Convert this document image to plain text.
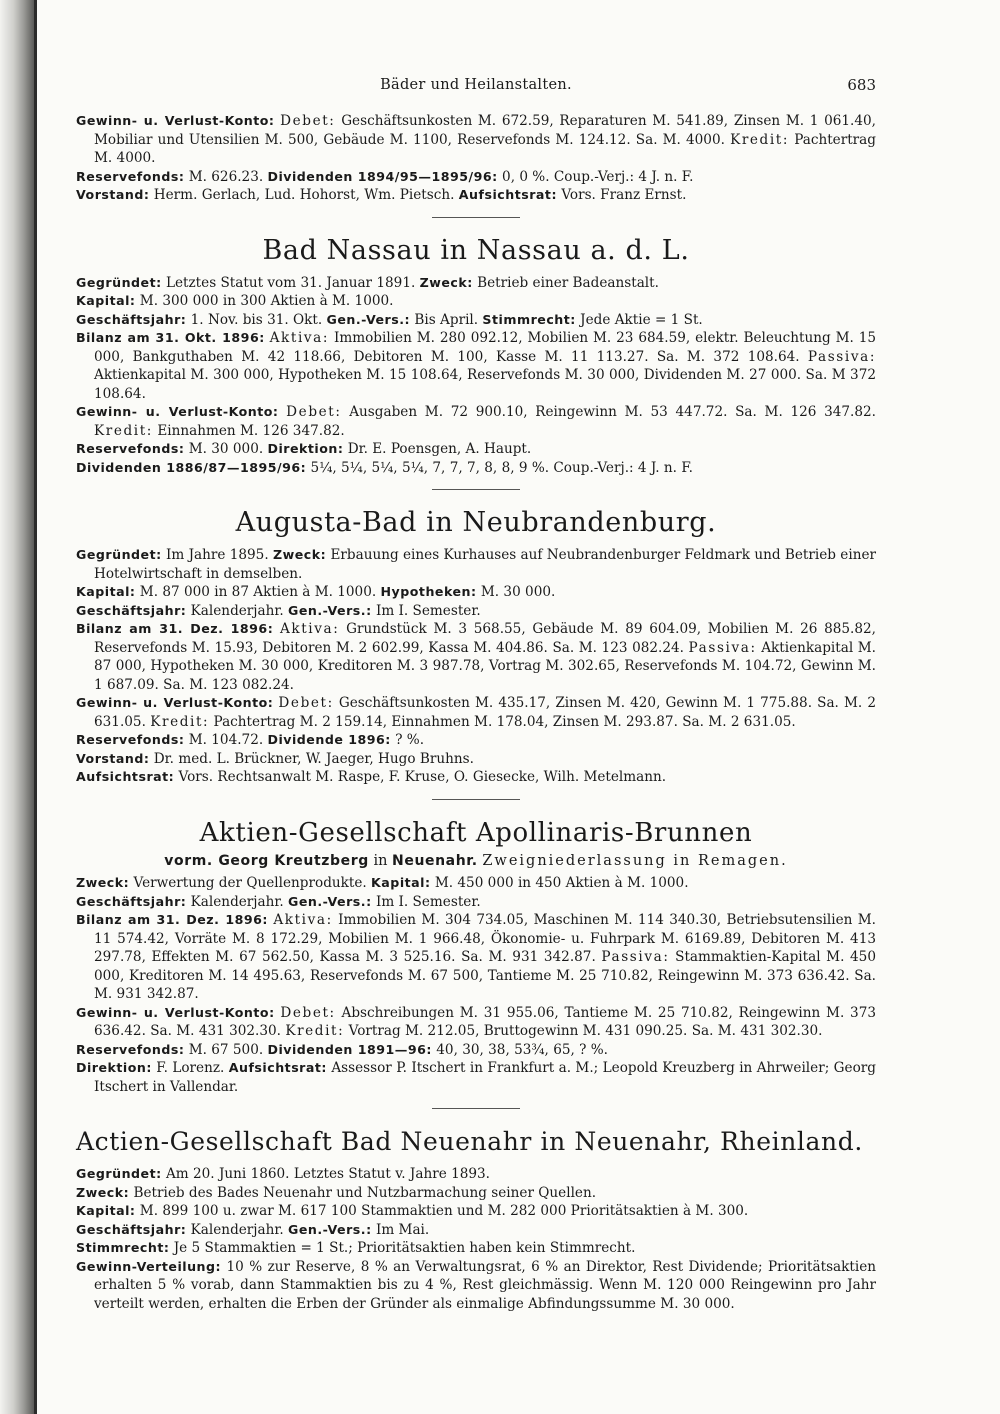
Bäder und Heilanstalten.	683

Gewinn- u. Verlust-Konto: Debet: Geschäftsunkosten M. 672.59, Reparaturen M. 541.89, Zinsen M. 1 061.40, Mobiliar und Utensilien M. 500, Gebäude M. 1100, Reservefonds M. 124.12. Sa. M. 4000. Kredit: Pachtertrag M. 4000.

Reservefonds: M. 626.23. Dividenden 1894/95—1895/96: 0, 0 %. Coup.-Verj.: 4 J. n. F.

Vorstand: Herm. Gerlach, Lud. Hohorst, Wm. Pietsch. Aufsichtsrat: Vors. Franz Ernst.

Bad Nassau in Nassau a. d. L.

Gegründet: Letztes Statut vom 31. Januar 1891. Zweck: Betrieb einer Badeanstalt.

Kapital: M. 300 000 in 300 Aktien à M. 1000.

Geschäftsjahr: 1. Nov. bis 31. Okt. Gen.-Vers.: Bis April. Stimmrecht: Jede Aktie = 1 St.

Bilanz am 31. Okt. 1896: Aktiva: Immobilien M. 280 092.12, Mobilien M. 23 684.59, elektr. Beleuchtung M. 15 000, Bankguthaben M. 42 118.66, Debitoren M. 100, Kasse M. 11 113.27. Sa. M. 372 108.64. Passiva: Aktienkapital M. 300 000, Hypotheken M. 15 108.64, Reservefonds M. 30 000, Dividenden M. 27 000. Sa. M 372 108.64.

Gewinn- u. Verlust-Konto: Debet: Ausgaben M. 72 900.10, Reingewinn M. 53 447.72. Sa. M. 126 347.82. Kredit: Einnahmen M. 126 347.82.

Reservefonds: M. 30 000. Direktion: Dr. E. Poensgen, A. Haupt.

Dividenden 1886/87—1895/96: 5¼, 5¼, 5¼, 5¼, 7, 7, 7, 8, 8, 9 %. Coup.-Verj.: 4 J. n. F.

Augusta-Bad in Neubrandenburg.

Gegründet: Im Jahre 1895. Zweck: Erbauung eines Kurhauses auf Neubrandenburger Feldmark und Betrieb einer Hotelwirtschaft in demselben.

Kapital: M. 87 000 in 87 Aktien à M. 1000. Hypotheken: M. 30 000.

Geschäftsjahr: Kalenderjahr. Gen.-Vers.: Im I. Semester.

Bilanz am 31. Dez. 1896: Aktiva: Grundstück M. 3 568.55, Gebäude M. 89 604.09, Mobilien M. 26 885.82, Reservefonds M. 15.93, Debitoren M. 2 602.99, Kassa M. 404.86. Sa. M. 123 082.24. Passiva: Aktienkapital M. 87 000, Hypotheken M. 30 000, Kreditoren M. 3 987.78, Vortrag M. 302.65, Reservefonds M. 104.72, Gewinn M. 1 687.09. Sa. M. 123 082.24.

Gewinn- u. Verlust-Konto: Debet: Geschäftsunkosten M. 435.17, Zinsen M. 420, Gewinn M. 1 775.88. Sa. M. 2 631.05. Kredit: Pachtertrag M. 2 159.14, Einnahmen M. 178.04, Zinsen M. 293.87. Sa. M. 2 631.05.

Reservefonds: M. 104.72. Dividende 1896: ? %.

Vorstand: Dr. med. L. Brückner, W. Jaeger, Hugo Bruhns.

Aufsichtsrat: Vors. Rechtsanwalt M. Raspe, F. Kruse, O. Giesecke, Wilh. Metelmann.

Aktien-Gesellschaft Apollinaris-Brunnen
vorm. Georg Kreutzberg in Neuenahr. Zweigniederlassung in Remagen.

Zweck: Verwertung der Quellenprodukte. Kapital: M. 450 000 in 450 Aktien à M. 1000.

Geschäftsjahr: Kalenderjahr. Gen.-Vers.: Im I. Semester.

Bilanz am 31. Dez. 1896: Aktiva: Immobilien M. 304 734.05, Maschinen M. 114 340.30, Betriebsutensilien M. 11 574.42, Vorräte M. 8 172.29, Mobilien M. 1 966.48, Ökonomie- u. Fuhrpark M. 6169.89, Debitoren M. 413 297.78, Effekten M. 67 562.50, Kassa M. 3 525.16. Sa. M. 931 342.87. Passiva: Stammaktien-Kapital M. 450 000, Kreditoren M. 14 495.63, Reservefonds M. 67 500, Tantieme M. 25 710.82, Reingewinn M. 373 636.42. Sa. M. 931 342.87.

Gewinn- u. Verlust-Konto: Debet: Abschreibungen M. 31 955.06, Tantieme M. 25 710.82, Reingewinn M. 373 636.42. Sa. M. 431 302.30. Kredit: Vortrag M. 212.05, Bruttogewinn M. 431 090.25. Sa. M. 431 302.30.

Reservefonds: M. 67 500. Dividenden 1891—96: 40, 30, 38, 53¾, 65, ? %.

Direktion: F. Lorenz. Aufsichtsrat: Assessor P. Itschert in Frankfurt a. M.; Leopold Kreuzberg in Ahrweiler; Georg Itschert in Vallendar.

Actien-Gesellschaft Bad Neuenahr in Neuenahr, Rheinland.

Gegründet: Am 20. Juni 1860. Letztes Statut v. Jahre 1893.

Zweck: Betrieb des Bades Neuenahr und Nutzbarmachung seiner Quellen.

Kapital: M. 899 100 u. zwar M. 617 100 Stammaktien und M. 282 000 Prioritätsaktien à M. 300.

Geschäftsjahr: Kalenderjahr. Gen.-Vers.: Im Mai.

Stimmrecht: Je 5 Stammaktien = 1 St.; Prioritätsaktien haben kein Stimmrecht.

Gewinn-Verteilung: 10 % zur Reserve, 8 % an Verwaltungsrat, 6 % an Direktor, Rest Dividende; Prioritätsaktien erhalten 5 % vorab, dann Stammaktien bis zu 4 %, Rest gleichmässig. Wenn M. 120 000 Reingewinn pro Jahr verteilt werden, erhalten die Erben der Gründer als einmalige Abfindungssumme M. 30 000.
